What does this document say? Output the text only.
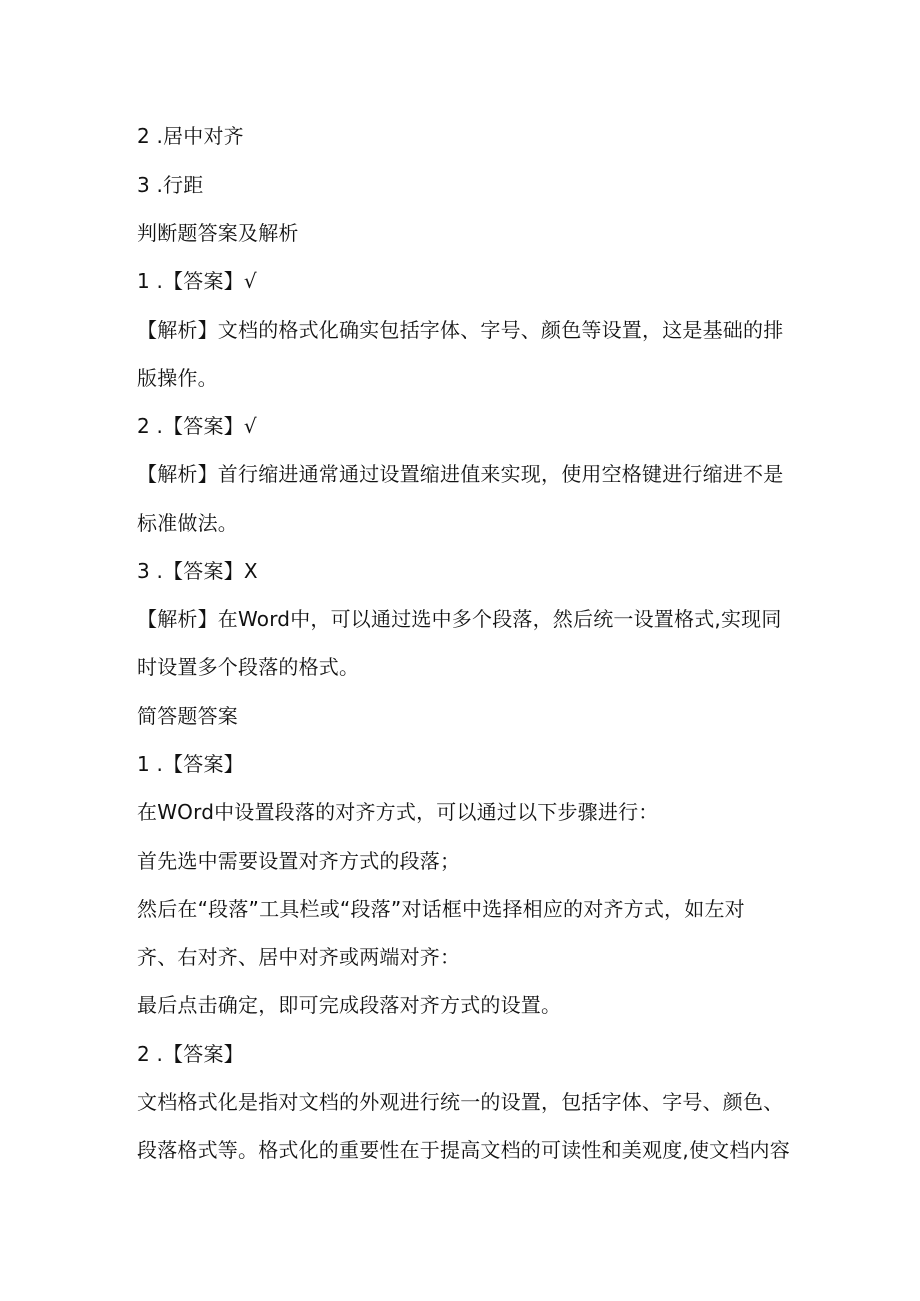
2 .居中对齐
3 .行距
判断题答案及解析
1 .【答案】√
【解析】文档的格式化确实包括字体、字号、颜色等设置，这是基础的排
版操作。
2 .【答案】√
【解析】首行缩进通常通过设置缩进值来实现，使用空格键进行缩进不是
标准做法。
3 .【答案】X
【解析】在Word中，可以通过选中多个段落，然后统一设置格式,实现同
时设置多个段落的格式。
简答题答案
1 .【答案】
在WOrd中设置段落的对齐方式，可以通过以下步骤进行：
首先选中需要设置对齐方式的段落；
然后在“段落”工具栏或“段落”对话框中选择相应的对齐方式，如左对
齐、右对齐、居中对齐或两端对齐：
最后点击确定，即可完成段落对齐方式的设置。
2 .【答案】
文档格式化是指对文档的外观进行统一的设置，包括字体、字号、颜色、
段落格式等。格式化的重要性在于提高文档的可读性和美观度,使文档内容
